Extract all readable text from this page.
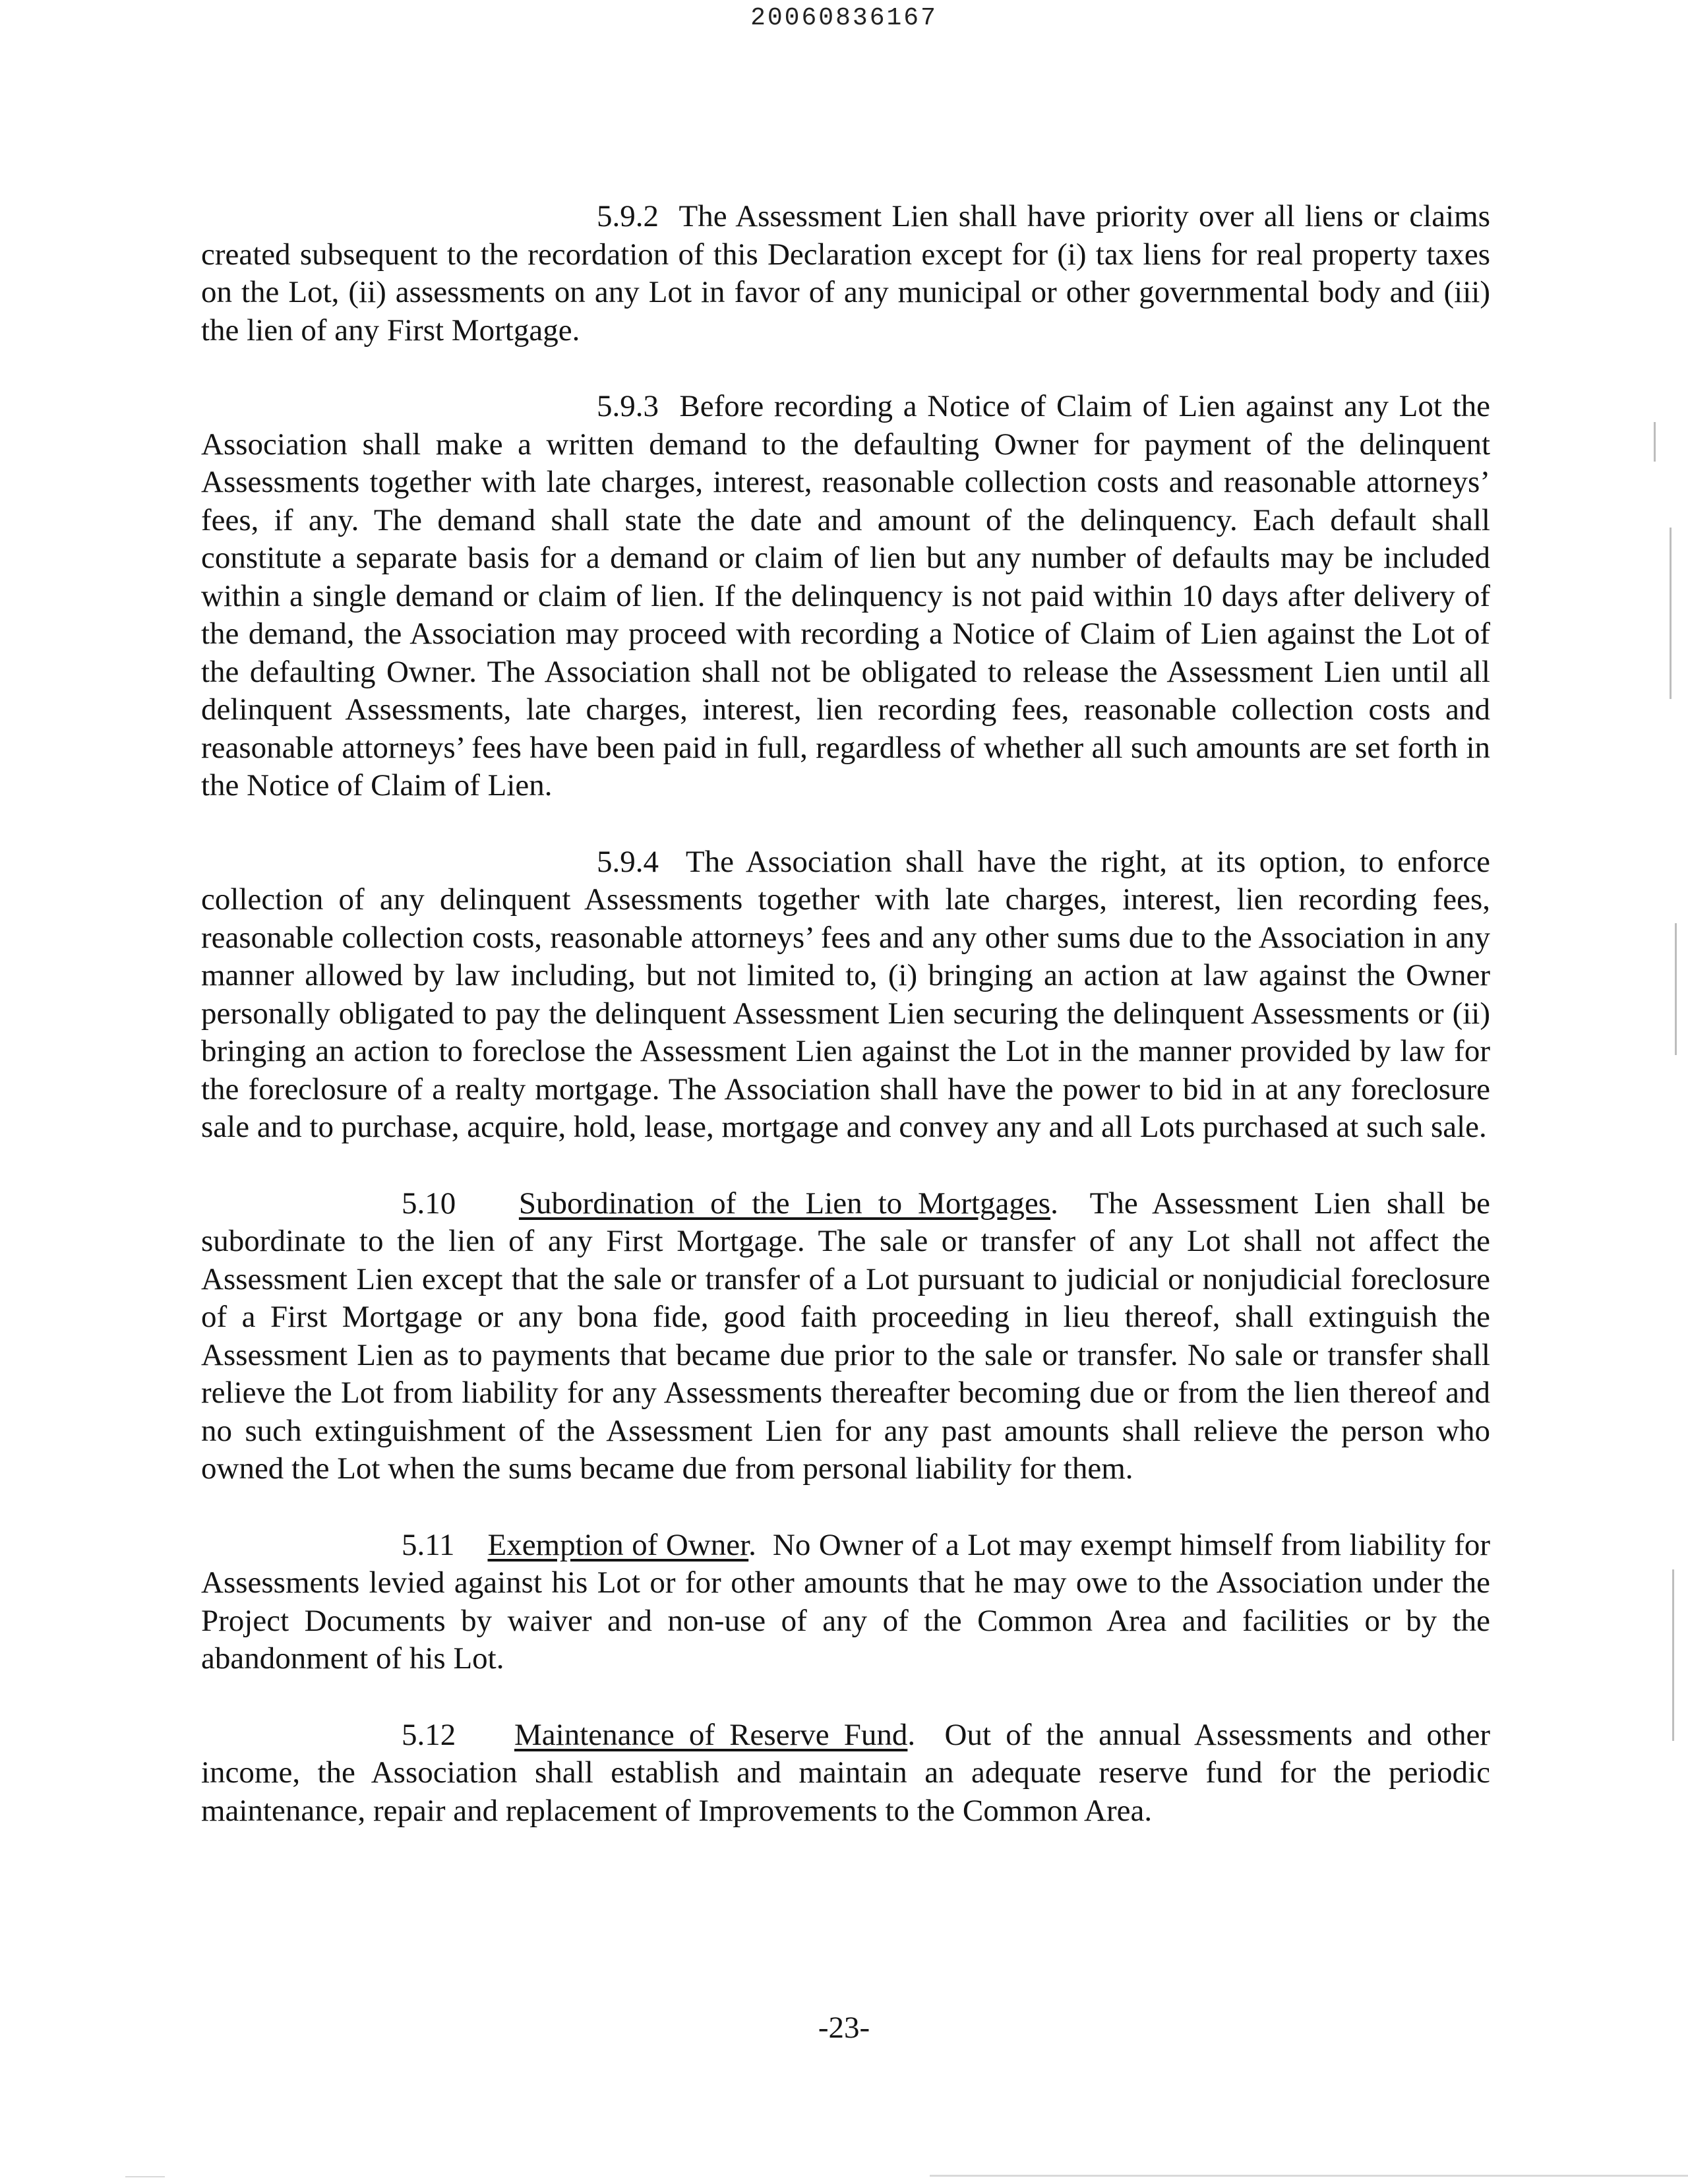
20060836167

5.9.2 The Assessment Lien shall have priority over all liens or claims created subsequent to the recordation of this Declaration except for (i) tax liens for real property taxes on the Lot, (ii) assessments on any Lot in favor of any municipal or other governmental body and (iii) the lien of any First Mortgage.

5.9.3 Before recording a Notice of Claim of Lien against any Lot the Association shall make a written demand to the defaulting Owner for payment of the delinquent Assessments together with late charges, interest, reasonable collection costs and reasonable attorneys’ fees, if any. The demand shall state the date and amount of the delinquency. Each default shall constitute a separate basis for a demand or claim of lien but any number of defaults may be included within a single demand or claim of lien. If the delinquency is not paid within 10 days after delivery of the demand, the Association may proceed with recording a Notice of Claim of Lien against the Lot of the defaulting Owner. The Association shall not be obligated to release the Assessment Lien until all delinquent Assessments, late charges, interest, lien recording fees, reasonable collection costs and reasonable attorneys’ fees have been paid in full, regardless of whether all such amounts are set forth in the Notice of Claim of Lien.

5.9.4 The Association shall have the right, at its option, to enforce collection of any delinquent Assessments together with late charges, interest, lien recording fees, reasonable collection costs, reasonable attorneys’ fees and any other sums due to the Association in any manner allowed by law including, but not limited to, (i) bringing an action at law against the Owner personally obligated to pay the delinquent Assessment Lien securing the delinquent Assessments or (ii) bringing an action to foreclose the Assessment Lien against the Lot in the manner provided by law for the foreclosure of a realty mortgage. The Association shall have the power to bid in at any foreclosure sale and to purchase, acquire, hold, lease, mortgage and convey any and all Lots purchased at such sale.

5.10 Subordination of the Lien to Mortgages.  The Assessment Lien shall be subordinate to the lien of any First Mortgage. The sale or transfer of any Lot shall not affect the Assessment Lien except that the sale or transfer of a Lot pursuant to judicial or nonjudicial foreclosure of a First Mortgage or any bona fide, good faith proceeding in lieu thereof, shall extinguish the Assessment Lien as to payments that became due prior to the sale or transfer. No sale or transfer shall relieve the Lot from liability for any Assessments thereafter becoming due or from the lien thereof and no such extinguishment of the Assessment Lien for any past amounts shall relieve the person who owned the Lot when the sums became due from personal liability for them.

5.11 Exemption of Owner.  No Owner of a Lot may exempt himself from liability for Assessments levied against his Lot or for other amounts that he may owe to the Association under the Project Documents by waiver and non-use of any of the Common Area and facilities or by the abandonment of his Lot.

5.12 Maintenance of Reserve Fund.  Out of the annual Assessments and other income, the Association shall establish and maintain an adequate reserve fund for the periodic maintenance, repair and replacement of Improvements to the Common Area.

-23-
